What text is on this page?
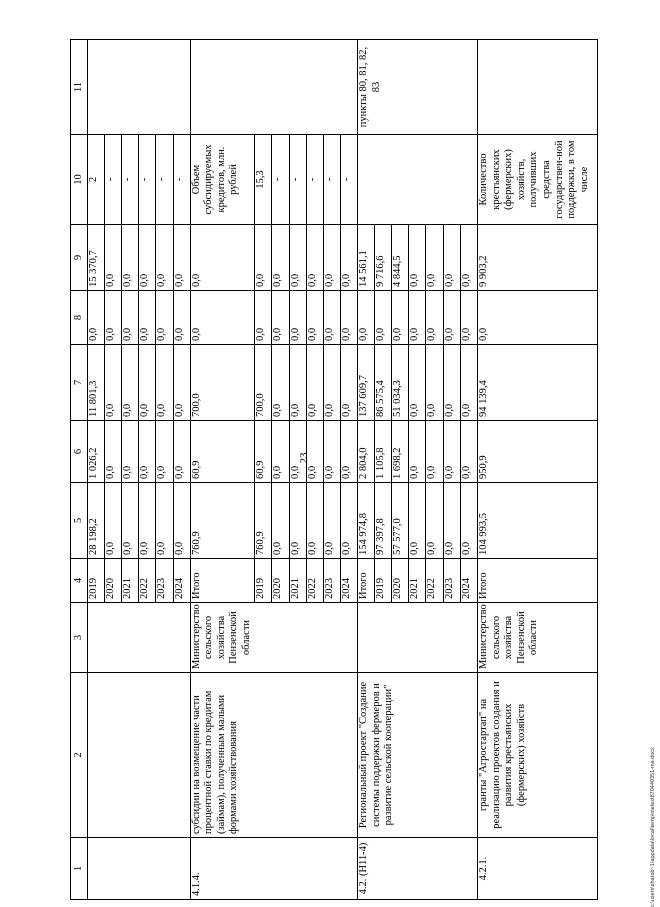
23
1	2	3	4	5	6	7	8	9	10	11
			2019	28 198,2	1 026,2	11 801,3	0,0	15 370,7	2	
			2020	0,0	0,0	0,0	0,0	0,0	-	
			2021	0,0	0,0	0,0	0,0	0,0	-	
			2022	0,0	0,0	0,0	0,0	0,0	-	
			2023	0,0	0,0	0,0	0,0	0,0	-	
			2024	0,0	0,0	0,0	0,0	0,0	-	
4.1.4.	субсидии на возмещение части процентной ставки по кредитам (займам), полученным малыми формами хозяйствования	Министерство сельского хозяйства Пензенской области	Итого	760,9	60,9	700,0	0,0	0,0	Объем субсидируемых кредитов, млн. рублей	
			2019	760,9	60,9	700,0	0,0	0,0	15,3	
			2020	0,0	0,0	0,0	0,0	0,0	-	
			2021	0,0	0,0	0,0	0,0	0,0	-	
			2022	0,0	0,0	0,0	0,0	0,0	-	
			2023	0,0	0,0	0,0	0,0	0,0	-	
			2024	0,0	0,0	0,0	0,0	0,0	-	
4.2. (Н11-4)	Региональный проект "Создание системы поддержки фермеров и развитие сельской кооперации"		Итого	154 974,8	2 804,0	137 609,7	0,0	14 561,1		пункты 80, 81, 82, 83
			2019	97 397,8	1 105,8	86 575,4	0,0	9 716,6		
			2020	57 577,0	1 698,2	51 034,3	0,0	4 844,5		
			2021	0,0	0,0	0,0	0,0	0,0		
			2022	0,0	0,0	0,0	0,0	0,0		
			2023	0,0	0,0	0,0	0,0	0,0		
			2024	0,0	0,0	0,0	0,0	0,0		
4.2.1.	гранты "Агростартап" на реализацию проектов создания и развития крестьянских (фермерских) хозяйств	Министерство сельского хозяйства Пензенской области	Итого	104 993,5	950,9	94 139,4	0,0	9 903,2	Количество крестьянских (фермерских) хозяйств, получивших средства государствен-ной поддержки, в том числе	
c:\users\sharob~1\appdata\local\temp\inetext870440351-ma.docx
